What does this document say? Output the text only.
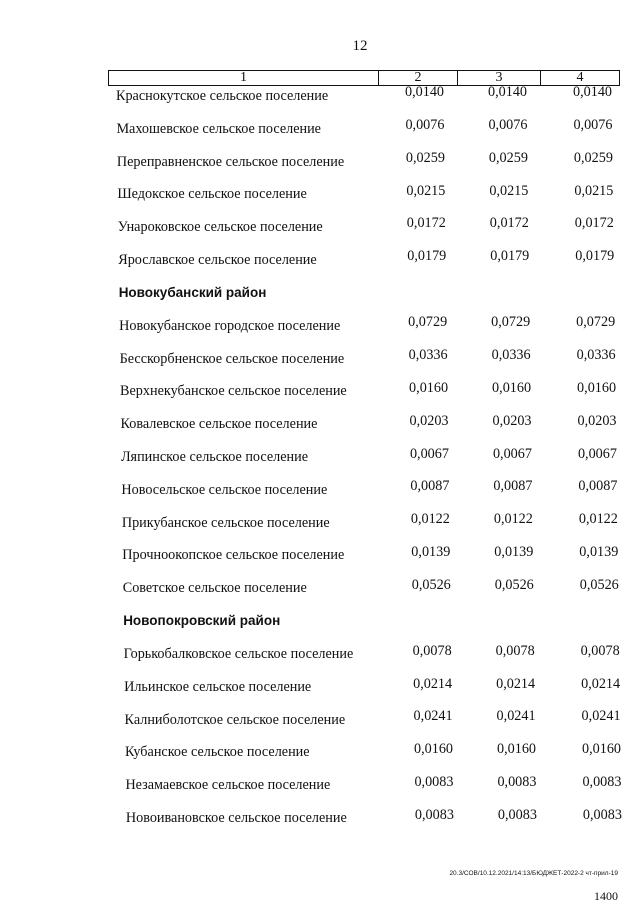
12
1	2	3	4
Краснокутское сельское поселение	0,0140	0,0140	0,0140
Махошевское сельское поселение	0,0076	0,0076	0,0076
Переправненское сельское поселение	0,0259	0,0259	0,0259
Шедокское сельское поселение	0,0215	0,0215	0,0215
Унароковское сельское поселение	0,0172	0,0172	0,0172
Ярославское сельское поселение	0,0179	0,0179	0,0179
Новокубанский район
Новокубанское городское поселение	0,0729	0,0729	0,0729
Бесскорбненское сельское поселение	0,0336	0,0336	0,0336
Верхнекубанское сельское поселение	0,0160	0,0160	0,0160
Ковалевское сельское поселение	0,0203	0,0203	0,0203
Ляпинское сельское поселение	0,0067	0,0067	0,0067
Новосельское сельское поселение	0,0087	0,0087	0,0087
Прикубанское сельское поселение	0,0122	0,0122	0,0122
Прочноокопское сельское поселение	0,0139	0,0139	0,0139
Советское сельское поселение	0,0526	0,0526	0,0526
Новопокровский район
Горькобалковское сельское поселение	0,0078	0,0078	0,0078
Ильинское сельское поселение	0,0214	0,0214	0,0214
Калниболотское сельское поселение	0,0241	0,0241	0,0241
Кубанское сельское поселение	0,0160	0,0160	0,0160
Незамаевское сельское поселение	0,0083	0,0083	0,0083
Новоивановское сельское поселение	0,0083	0,0083	0,0083
20.3/СОВ/10.12.2021/14:13/БЮДЖЕТ-2022-2 чт-прил-19
1400
